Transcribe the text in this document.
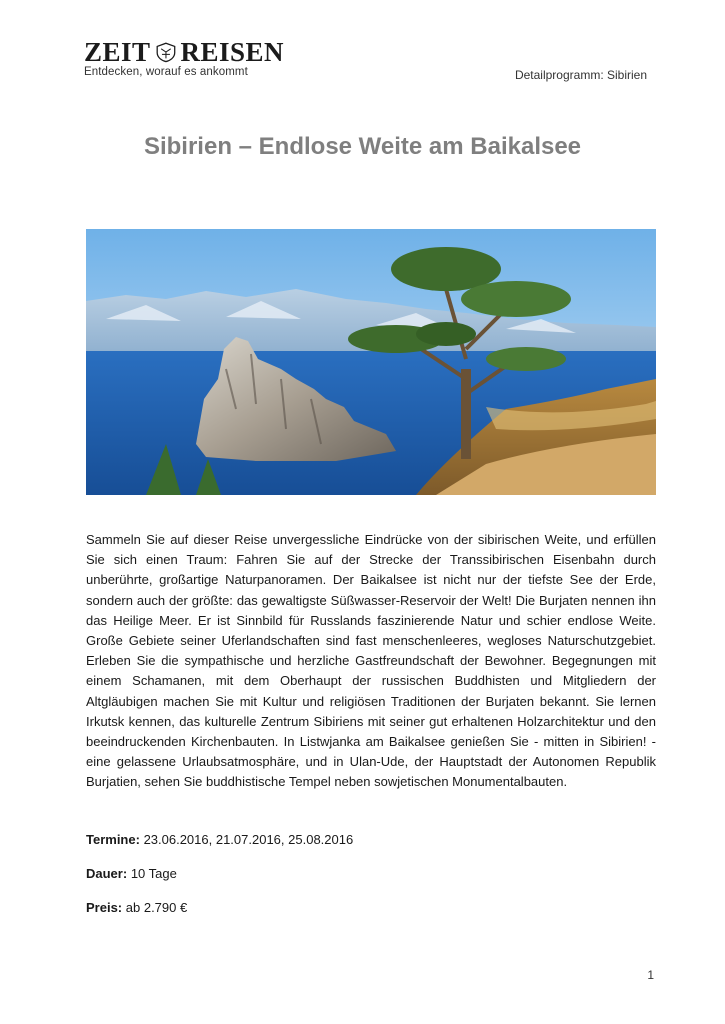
ZEIT REISEN
Entdecken, worauf es ankommt	Detailprogramm: Sibirien
Sibirien – Endlose Weite am Baikalsee

Sammeln Sie auf dieser Reise unvergessliche Eindrücke von der sibirischen Weite, und erfüllen Sie sich einen Traum: Fahren Sie auf der Strecke der Transsibirischen Eisenbahn durch unberührte, großartige Naturpanoramen. Der Baikalsee ist nicht nur der tiefste See der Erde, sondern auch der größte: das gewaltigste Süßwasser-Reservoir der Welt! Die Burjaten nennen ihn das Heilige Meer. Er ist Sinnbild für Russlands faszinierende Natur und schier endlose Weite. Große Gebiete seiner Uferlandschaften sind fast menschenleeres, wegloses Naturschutzgebiet. Erleben Sie die sympathische und herzliche Gastfreundschaft der Bewohner. Begegnungen mit einem Schamanen, mit dem Oberhaupt der russischen Buddhisten und Mitgliedern der Altgläubigen machen Sie mit Kultur und religiösen Traditionen der Burjaten bekannt. Sie lernen Irkutsk kennen, das kulturelle Zentrum Sibiriens mit seiner gut erhaltenen Holzarchitektur und den beeindruckenden Kirchenbauten. In Listwjanka am Baikalsee genießen Sie - mitten in Sibirien! - eine gelassene Urlaubsatmosphäre, und in Ulan-Ude, der Hauptstadt der Autonomen Republik Burjatien, sehen Sie buddhistische Tempel neben sowjetischen Monumentalbauten.

Termine: 23.06.2016, 21.07.2016, 25.08.2016
Dauer: 10 Tage
Preis: ab 2.790 €
1
